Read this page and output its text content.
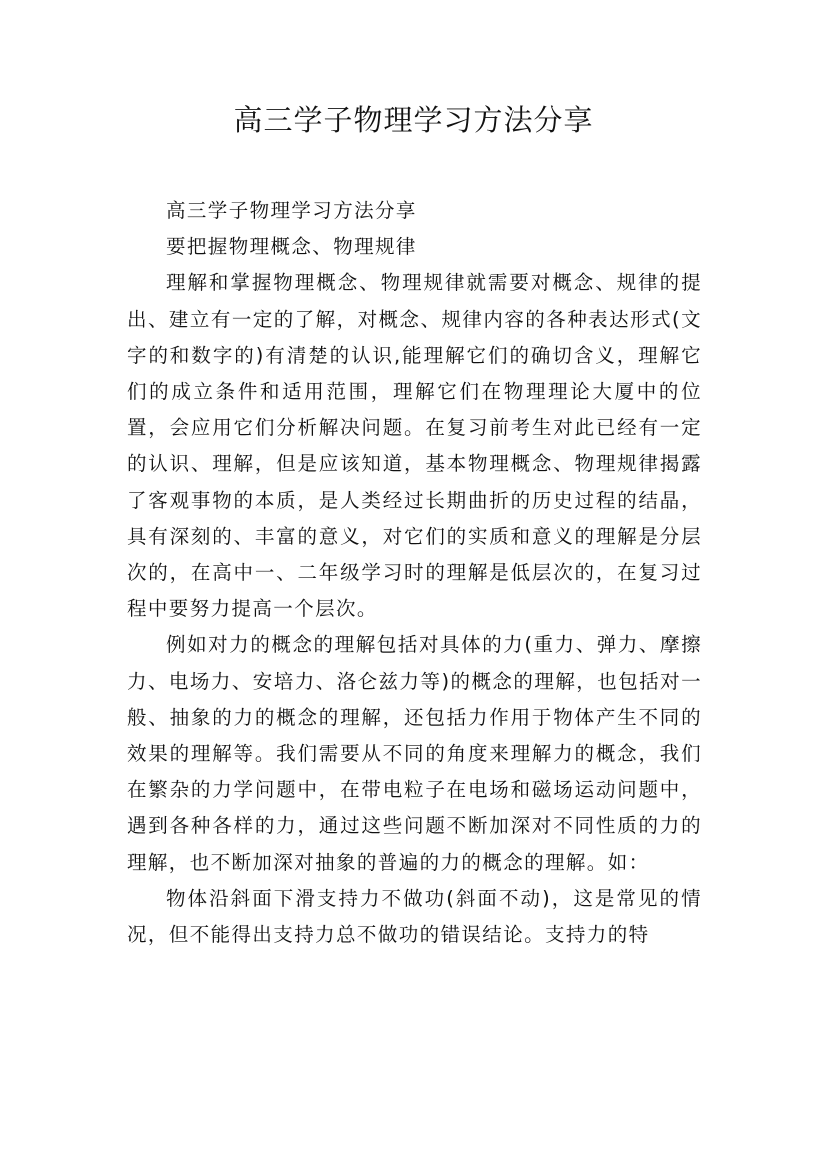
高三学子物理学习方法分享

高三学子物理学习方法分享

要把握物理概念、物理规律

理解和掌握物理概念、物理规律就需要对概念、规律的提出、建立有一定的了解，对概念、规律内容的各种表达形式(文字的和数字的)有清楚的认识,能理解它们的确切含义，理解它们的成立条件和适用范围，理解它们在物理理论大厦中的位置，会应用它们分析解决问题。在复习前考生对此已经有一定的认识、理解，但是应该知道，基本物理概念、物理规律揭露了客观事物的本质，是人类经过长期曲折的历史过程的结晶，具有深刻的、丰富的意义，对它们的实质和意义的理解是分层次的，在高中一、二年级学习时的理解是低层次的，在复习过程中要努力提高一个层次。

例如对力的概念的理解包括对具体的力(重力、弹力、摩擦力、电场力、安培力、洛仑兹力等)的概念的理解，也包括对一般、抽象的力的概念的理解，还包括力作用于物体产生不同的效果的理解等。我们需要从不同的角度来理解力的概念，我们在繁杂的力学问题中，在带电粒子在电场和磁场运动问题中，遇到各种各样的力，通过这些问题不断加深对不同性质的力的理解，也不断加深对抽象的普遍的力的概念的理解。如：

物体沿斜面下滑支持力不做功(斜面不动)，这是常见的情况，但不能得出支持力总不做功的错误结论。支持力的特
